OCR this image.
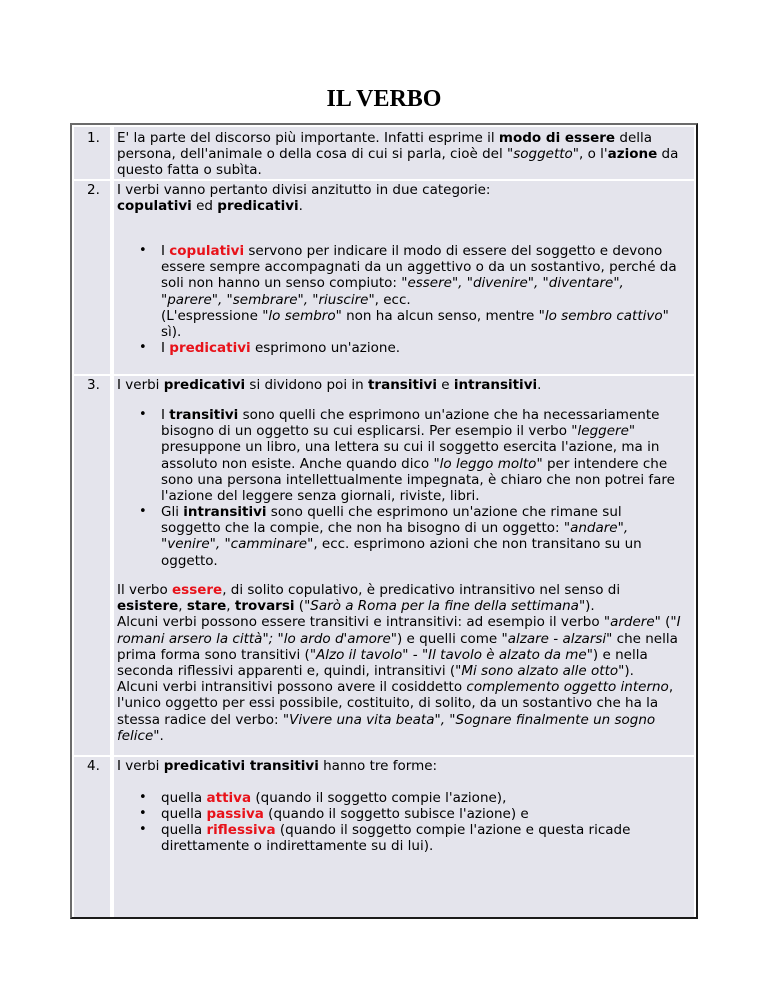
IL VERBO
1. E' la parte del discorso più importante. Infatti esprime il modo di essere della persona, dell'animale o della cosa di cui si parla, cioè del "soggetto", o l'azione da questo fatta o subìta.
2. I verbi vanno pertanto divisi anzitutto in due categorie:
copulativi ed predicativi.
• I copulativi servono per indicare il modo di essere del soggetto e devono essere sempre accompagnati da un aggettivo o da un sostantivo, perché da soli non hanno un senso compiuto: "essere", "divenire", "diventare", "parere", "sembrare", "riuscire", ecc.
(L'espressione "lo sembro" non ha alcun senso, mentre "lo sembro cattivo" sì).
• I predicativi esprimono un'azione.
3. I verbi predicativi si dividono poi in transitivi e intransitivi.
• I transitivi sono quelli che esprimono un'azione che ha necessariamente bisogno di un oggetto su cui esplicarsi. Per esempio il verbo "leggere" presuppone un libro, una lettera su cui il soggetto esercita l'azione, ma in assoluto non esiste. Anche quando dico "lo leggo molto" per intendere che sono una persona intellettualmente impegnata, è chiaro che non potrei fare l'azione del leggere senza giornali, riviste, libri.
• Gli intransitivi sono quelli che esprimono un'azione che rimane sul soggetto che la compie, che non ha bisogno di un oggetto: "andare", "venire", "camminare", ecc. esprimono azioni che non transitano su un oggetto.
Il verbo essere, di solito copulativo, è predicativo intransitivo nel senso di esistere, stare, trovarsi ("Sarò a Roma per la fine della settimana").
Alcuni verbi possono essere transitivi e intransitivi: ad esempio il verbo "ardere" ("I romani arsero la città"; "lo ardo d'amore") e quelli come "alzare - alzarsi" che nella prima forma sono transitivi ("Alzo il tavolo" - "Il tavolo è alzato da me") e nella seconda riflessivi apparenti e, quindi, intransitivi ("Mi sono alzato alle otto").
Alcuni verbi intransitivi possono avere il cosiddetto complemento oggetto interno, l'unico oggetto per essi possibile, costituito, di solito, da un sostantivo che ha la stessa radice del verbo: "Vivere una vita beata", "Sognare finalmente un sogno felice".
4. I verbi predicativi transitivi hanno tre forme:
• quella attiva (quando il soggetto compie l'azione),
• quella passiva (quando il soggetto subisce l'azione) e
• quella riflessiva (quando il soggetto compie l'azione e questa ricade direttamente o indirettamente su di lui).
